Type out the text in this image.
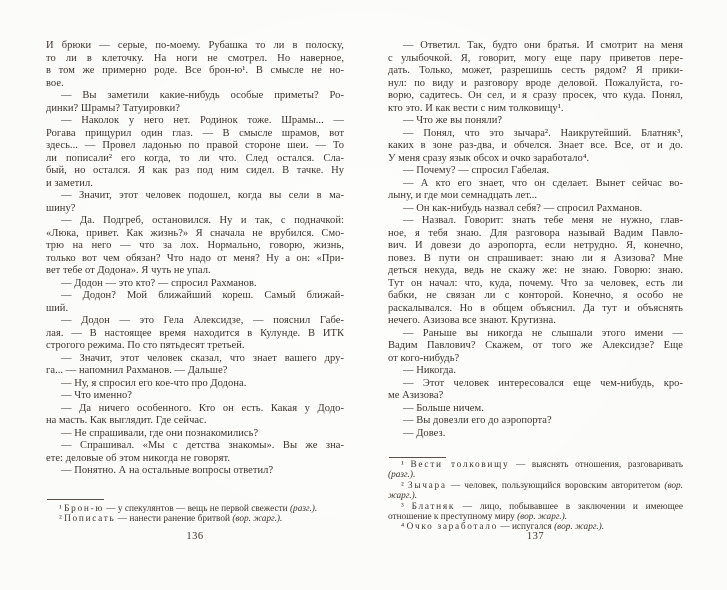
И брюки — серые, по-моему. Рубашка то ли в полоску,
то ли в клеточку. На ноги не смотрел. Но наверное,
в том же примерно роде. Все брон-ю¹. В смысле не но-
вое.
— Вы заметили какие-нибудь особые приметы? Ро-
динки? Шрамы? Татуировки?
— Наколок у него нет. Родинок тоже. Шрамы... —
Рогава прищурил один глаз. — В смысле шрамов, вот
здесь... — Провел ладонью по правой стороне шеи. — То
ли пописали² его когда, то ли что. След остался. Сла-
бый, но остался. Я как раз под ним сидел. В тачке. Ну
и заметил.
— Значит, этот человек подошел, когда вы сели в ма-
шину?
— Да. Подгреб, остановился. Ну и так, с подначкой:
«Люка, привет. Как жизнь?» Я сначала не врубился. Смо-
трю на него — что за лох. Нормально, говорю, жизнь,
только вот чем обязан? Что надо от меня? Ну а он: «При-
вет тебе от Додона». Я чуть не упал.
— Додон — это кто? — спросил Рахманов.
— Додон? Мой ближайший кореш. Самый ближай-
ший.
— Додон — это Гела Алексидзе, — пояснил Габе-
лая. — В настоящее время находится в Кулунде. В ИТК
строгого режима. По сто пятьдесят третьей.
— Значит, этот человек сказал, что знает вашего дру-
га... — напомнил Рахманов. — Дальше?
— Ну, я спросил его кое-что про Додона.
— Что именно?
— Да ничего особенного. Кто он есть. Какая у Додо-
на масть. Как выглядит. Где сейчас.
— Не спрашивали, где они познакомились?
— Спрашивал. «Мы с детства знакомы». Вы же зна-
ете: деловые об этом никогда не говорят.
— Понятно. А на остальные вопросы ответил?
¹ Брон-ю — у спекулянтов — вещь не первой свежести (разг.).
² Пописать — нанести ранение бритвой (вор. жарг.).
136
— Ответил. Так, будто они братья. И смотрит на меня
с улыбочкой. Я, говорит, могу еще пару приветов пере-
дать. Только, может, разрешишь сесть рядом? Я прики-
нул: по виду и разговору вроде деловой. Пожалуйста, го-
ворю, садитесь. Он сел, и я сразу просек, что куда. Понял,
кто это. И как вести с ним толковищу¹.
— Что же вы поняли?
— Понял, что это зычара². Наикрутейший. Блатняк³,
каких в зоне раз-два, и обчелся. Знает все. Все, от и до.
У меня сразу язык обсох и очко заработало⁴.
— Почему? — спросил Габелая.
— А кто его знает, что он сделает. Вынет сейчас во-
лыну, и где мои семнадцать лет...
— Он как-нибудь назвал себя? — спросил Рахманов.
— Назвал. Говорит: знать тебе меня не нужно, глав-
ное, я тебя знаю. Для разговора называй Вадим Павло-
вич. И довези до аэропорта, если нетрудно. Я, конечно,
повез. В пути он спрашивает: знаю ли я Азизова? Мне
деться некуда, ведь не скажу же: не знаю. Говорю: знаю.
Тут он начал: что, куда, почему. Что за человек, есть ли
бабки, не связан ли с конторой. Конечно, я особо не
раскалывался. Но в общем объяснил. Да тут и объяснять
нечего. Азизова все знают. Крутизна.
— Раньше вы никогда не слышали этого имени —
Вадим Павлович? Скажем, от того же Алексидзе? Еще
от кого-нибудь?
— Никогда.
— Этот человек интересовался еще чем-нибудь, кро-
ме Азизова?
— Больше ничем.
— Вы довезли его до аэропорта?
— Довез.
¹ Вести толковищу — выяснять отношения, разговаривать (разг.).
² Зычара — человек, пользующийся воровским авторитетом (вор. жарг.).
³ Блатняк — лицо, побывавшее в заключении и имеющее отношение к преступному миру (вор. жарг.).
⁴ Очко заработало — испугался (вор. жарг.).
137
